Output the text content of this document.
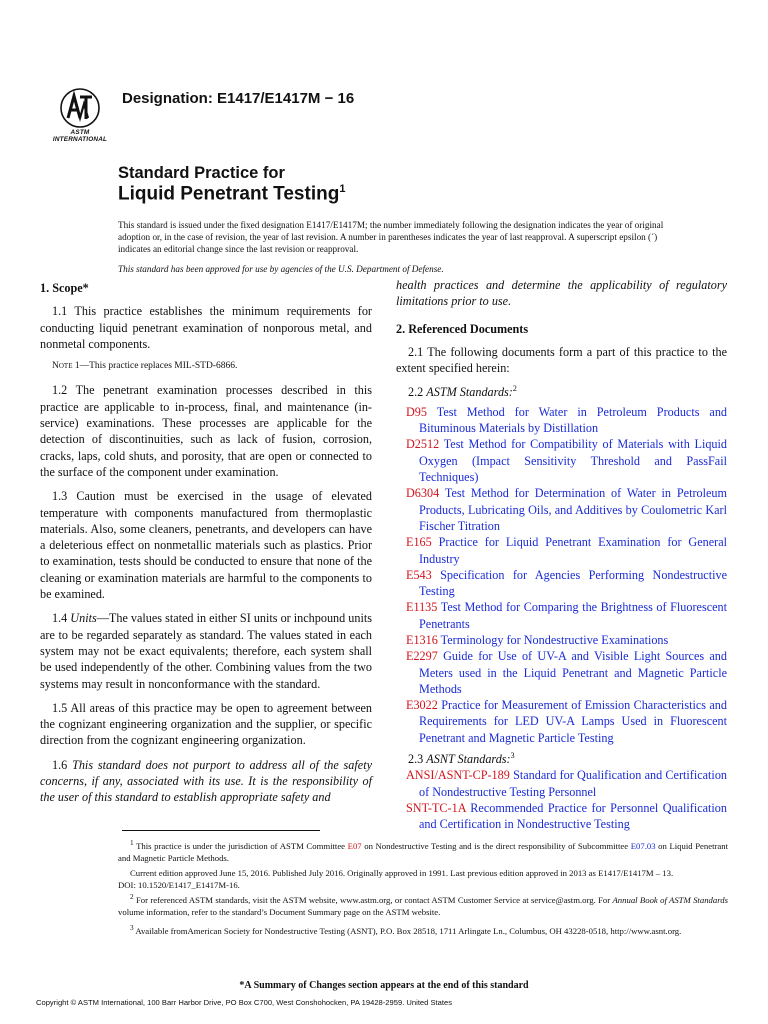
ASTM INTERNATIONAL
Designation: E1417/E1417M − 16
Standard Practice for
Liquid Penetrant Testing$^1$
This standard is issued under the fixed designation E1417/E1417M; the number immediately following the designation indicates the year of original adoption or, in the case of revision, the year of last revision. A number in parentheses indicates the year of last reapproval. A superscript epsilon (´) indicates an editorial change since the last revision or reapproval.
This standard has been approved for use by agencies of the U.S. Department of Defense.

1. Scope*

1.1 This practice establishes the minimum requirements for conducting liquid penetrant examination of nonporous metal, and nonmetal components.

Note 1—This practice replaces MIL-STD-6866.

1.2 The penetrant examination processes described in this practice are applicable to in-process, final, and maintenance (in-service) examinations. These processes are applicable for the detection of discontinuities, such as lack of fusion, corrosion, cracks, laps, cold shuts, and porosity, that are open or connected to the surface of the component under examination.

1.3 Caution must be exercised in the usage of elevated temperature with components manufactured from thermoplastic materials. Also, some cleaners, penetrants, and developers can have a deleterious effect on nonmetallic materials such as plastics. Prior to examination, tests should be conducted to ensure that none of the cleaning or examination materials are harmful to the components to be examined.

1.4 Units—The values stated in either SI units or inchpound units are to be regarded separately as standard. The values stated in each system may not be exact equivalents; therefore, each system shall be used independently of the other. Combining values from the two systems may result in nonconformance with the standard.

1.5 All areas of this practice may be open to agreement between the cognizant engineering organization and the supplier, or specific direction from the cognizant engineering organization.

1.6 This standard does not purport to address all of the safety concerns, if any, associated with its use. It is the responsibility of the user of this standard to establish appropriate safety and

health practices and determine the applicability of regulatory limitations prior to use.

2. Referenced Documents

2.1 The following documents form a part of this practice to the extent specified herein:

2.2 ASTM Standards:$^2$

D95 Test Method for Water in Petroleum Products and Bituminous Materials by Distillation

D2512 Test Method for Compatibility of Materials with Liquid Oxygen (Impact Sensitivity Threshold and PassFail Techniques)

D6304 Test Method for Determination of Water in Petroleum Products, Lubricating Oils, and Additives by Coulometric Karl Fischer Titration

E165 Practice for Liquid Penetrant Examination for General Industry

E543 Specification for Agencies Performing Nondestructive Testing

E1135 Test Method for Comparing the Brightness of Fluorescent Penetrants

E1316 Terminology for Nondestructive Examinations

E2297 Guide for Use of UV-A and Visible Light Sources and Meters used in the Liquid Penetrant and Magnetic Particle Methods

E3022 Practice for Measurement of Emission Characteristics and Requirements for LED UV-A Lamps Used in Fluorescent Penetrant and Magnetic Particle Testing

2.3 ASNT Standards:$^3$

ANSI/ASNT-CP-189 Standard for Qualification and Certification of Nondestructive Testing Personnel

SNT-TC-1A Recommended Practice for Personnel Qualification and Certification in Nondestructive Testing

$^1$ This practice is under the jurisdiction of ASTM Committee E07 on Nondestructive Testing and is the direct responsibility of Subcommittee E07.03 on Liquid Penetrant and Magnetic Particle Methods.

Current edition approved June 15, 2016. Published July 2016. Originally approved in 1991. Last previous edition approved in 2013 as E1417/E1417M – 13.

DOI: 10.1520/E1417_E1417M-16.

$^2$ For referenced ASTM standards, visit the ASTM website, www.astm.org, or contact ASTM Customer Service at service@astm.org. For Annual Book of ASTM Standards volume information, refer to the standard’s Document Summary page on the ASTM website.

$^3$ Available fromAmerican Society for Nondestructive Testing (ASNT), P.O. Box 28518, 1711 Arlingate Ln., Columbus, OH 43228-0518, http://www.asnt.org.

*A Summary of Changes section appears at the end of this standard
Copyright © ASTM International, 100 Barr Harbor Drive, PO Box C700, West Conshohocken, PA 19428-2959. United States
